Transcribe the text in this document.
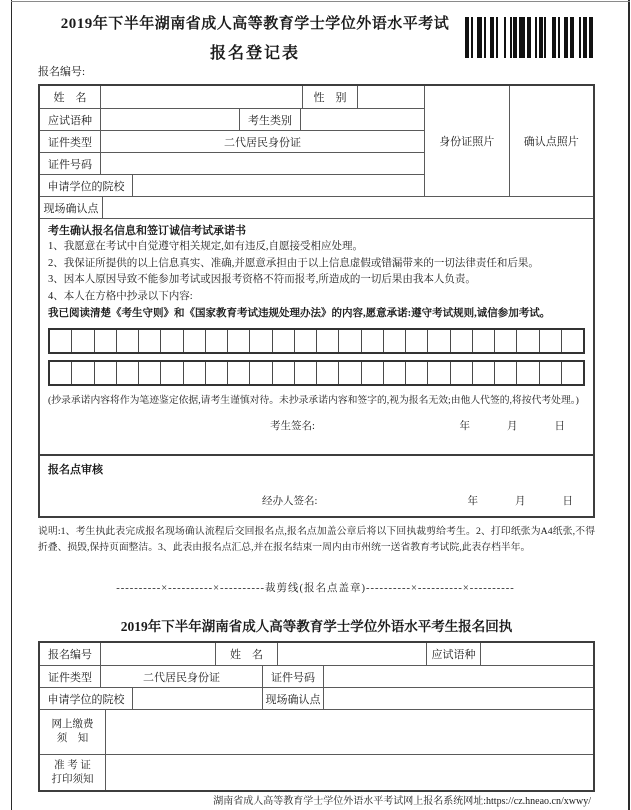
2019年下半年湖南省成人高等教育学士学位外语水平考试
报名登记表
报名编号:
身份证照片	确认点照片
姓　名	性　别
应试语种	考生类别
证件类型	二代居民身份证
证件号码
申请学位的院校
现场确认点
考生确认报名信息和签订诚信考试承诺书
1、我愿意在考试中自觉遵守相关规定,如有违反,自愿接受相应处理。
2、我保证所提供的以上信息真实、准确,并愿意承担由于以上信息虚假或错漏带来的一切法律责任和后果。
3、因本人原因导致不能参加考试或因报考资格不符而报考,所造成的一切后果由我本人负责。
4、本人在方格中抄录以下内容:
我已阅读清楚《考生守则》和《国家教育考试违规处理办法》的内容,愿意承诺:遵守考试规则,诚信参加考试。
(抄录承诺内容将作为笔迹鉴定依据,请考生谨慎对待。未抄录承诺内容和签字的,视为报名无效;由他人代签的,将按代考处理。)
考生签名:	年	月	日
报名点审核
经办人签名:	年	月	日
说明:1、考生执此表完成报名现场确认流程后交回报名点,报名点加盖公章后将以下回执裁剪给考生。2、打印纸张为A4纸张,不得折叠、损毁,保持页面整洁。3、此表由报名点汇总,并在报名结束一周内由市州统一送省教育考试院,此表存档半年。
----------×----------×----------裁剪线(报名点盖章)----------×----------×----------
2019年下半年湖南省成人高等教育学士学位外语水平考生报名回执
报名编号	姓　名	应试语种
证件类型	二代居民身份证	证件号码
申请学位的院校	现场确认点
网上缴费
须　知
准 考 证
打印须知
湖南省成人高等教育学士学位外语水平考试网上报名系统网址:https://cz.hneao.cn/xwwy/
